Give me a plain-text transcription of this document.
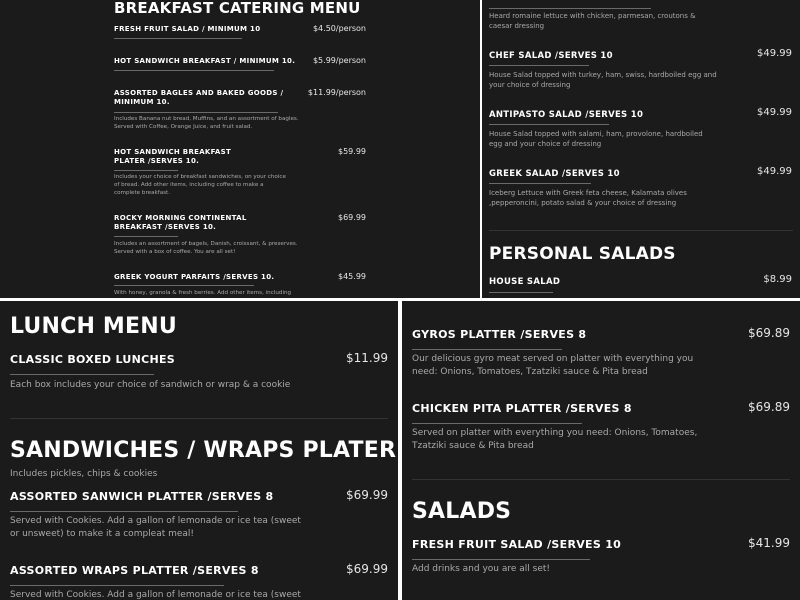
BREAKFAST CATERING MENU
FRESH FRUIT SALAD / MINIMUM 10	$4.50/person
HOT SANDWICH BREAKFAST / MINIMUM 10.	$5.99/person
ASSORTED BAGLES AND BAKED GOODS / MINIMUM 10.
$11.99/person
Includes Banana nut bread, Muffins, and an assortment of bagles. Served with Coffee, Orange Juice, and fruit salad.
HOT SANDWICH BREAKFAST PLATER /SERVES 10.
$59.99
Includes your choice of breakfast sandwiches, on your choice of bread. Add other items, including coffee to make a complete breakfast.
ROCKY MORNING CONTINENTAL BREAKFAST /SERVES 10.
$69.99
Includes an assortment of bagels, Danish, croissant, & preserves. Served with a box of coffee. You are all set!
GREEK YOGURT PARFAITS /SERVES 10.	$45.99
With honey, granola & fresh berries. Add other items, including
Heard romaine lettuce with chicken, parmesan, croutons & caesar dressing
CHEF SALAD /SERVES 10	$49.99
House Salad topped with turkey, ham, swiss, hardboiled egg and your choice of dressing
ANTIPASTO SALAD /SERVES 10	$49.99
House Salad topped with salami, ham, provolone, hardboiled egg and your choice of dressing
GREEK SALAD /SERVES 10	$49.99
Iceberg Lettuce with Greek feta cheese, Kalamata olives ,pepperoncini, potato salad & your choice of dressing
PERSONAL SALADS
HOUSE SALAD	$8.99
LUNCH MENU
CLASSIC BOXED LUNCHES	$11.99
Each box includes your choice of sandwich or wrap & a cookie
SANDWICHES / WRAPS PLATER
Includes pickles, chips & cookies
ASSORTED SANWICH PLATTER /SERVES 8	$69.99
Served with Cookies. Add a gallon of lemonade or ice tea (sweet or unsweet) to make it a compleat meal!
ASSORTED WRAPS PLATTER /SERVES 8	$69.99
Served with Cookies. Add a gallon of lemonade or ice tea (sweet
GYROS PLATTER /SERVES 8	$69.89
Our delicious gyro meat served on platter with everything you need: Onions, Tomatoes, Tzatziki sauce & Pita bread
CHICKEN PITA PLATTER /SERVES 8	$69.89
Served on platter with everything you need: Onions, Tomatoes, Tzatziki sauce & Pita bread
SALADS
FRESH FRUIT SALAD /SERVES 10	$41.99
Add drinks and you are all set!
